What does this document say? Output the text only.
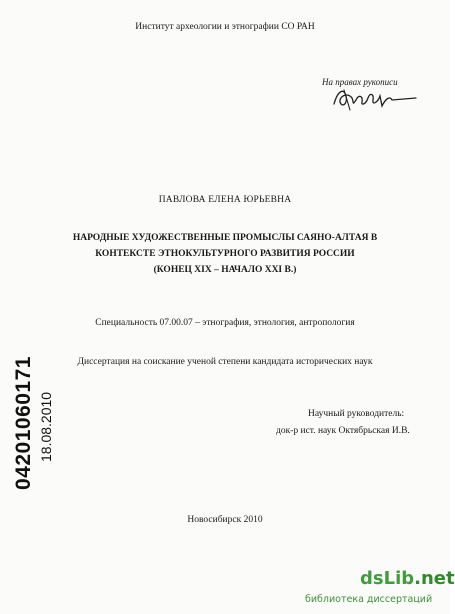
Институт археологии и этнографии СО РАН
На правах рукописи
ПАВЛОВА ЕЛЕНА ЮРЬЕВНА
НАРОДНЫЕ ХУДОЖЕСТВЕННЫЕ ПРОМЫСЛЫ САЯНО-АЛТАЯ В
КОНТЕКСТЕ ЭТНОКУЛЬТУРНОГО РАЗВИТИЯ РОССИИ
(КОНЕЦ XIX – НАЧАЛО XXI В.)
Специальность 07.00.07 – этнография, этнология, антропология
Диссертация на соискание ученой степени кандидата исторических наук
Научный руководитель:
док-р ист. наук Октябрьская И.В.
Новосибирск 2010
04201060171 18.08.2010
dsLib.net
библиотека диссертаций
